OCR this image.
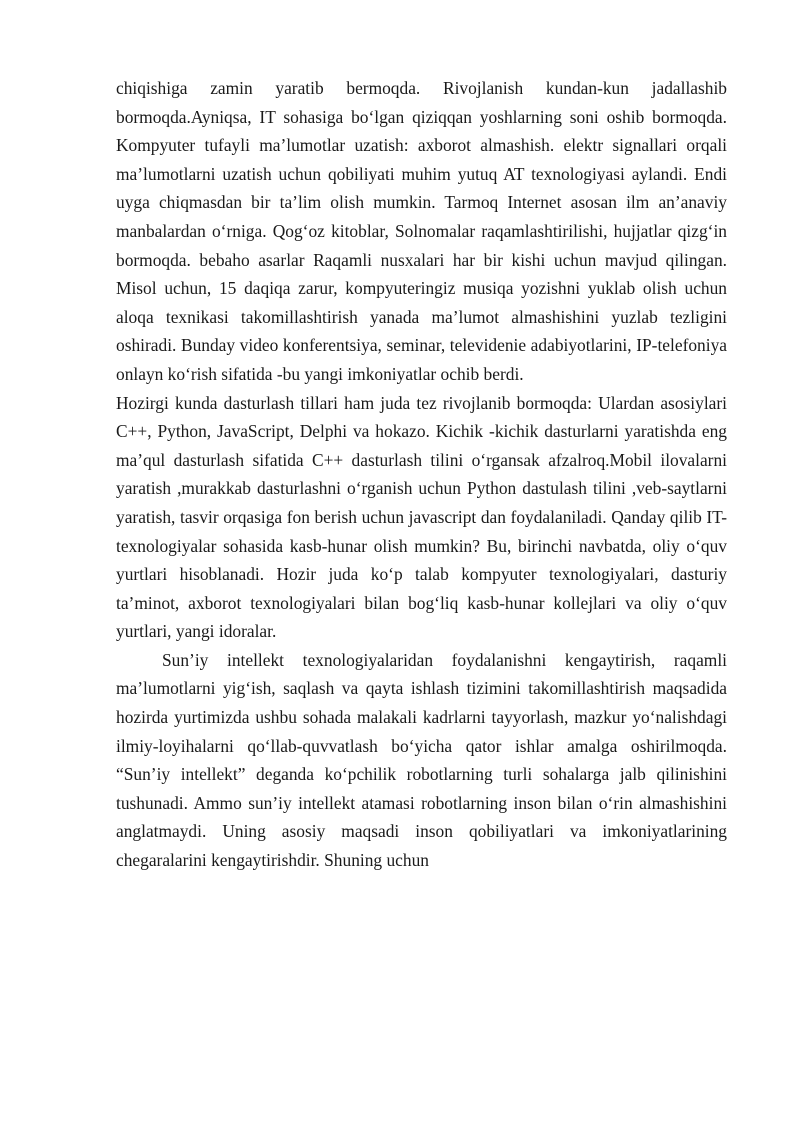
chiqishiga zamin yaratib bermoqda. Rivojlanish kundan-kun jadallashib bormoqda.Ayniqsa, IT sohasiga bo‘lgan qiziqqan yoshlarning soni oshib bormoqda. Kompyuter tufayli ma’lumotlar uzatish: axborot almashish. elektr signallari orqali ma’lumotlarni uzatish uchun qobiliyati muhim yutuq AT texnologiyasi aylandi. Endi uyga chiqmasdan bir ta’lim olish mumkin. Tarmoq Internet asosan ilm an’anaviy manbalardan o‘rniga. Qog‘oz kitoblar, Solnomalar raqamlashtirilishi, hujjatlar qizg‘in bormoqda. bebaho asarlar Raqamli nusxalari har bir kishi uchun mavjud qilingan. Misol uchun, 15 daqiqa zarur, kompyuteringiz musiqa yozishni yuklab olish uchun aloqa texnikasi takomillashtirish yanada ma’lumot almashishini yuzlab tezligini oshiradi. Bunday video konferentsiya, seminar, televidenie adabiyotlarini, IP-telefoniya onlayn ko‘rish sifatida -bu yangi imkoniyatlar ochib berdi.

Hozirgi kunda dasturlash tillari ham juda tez rivojlanib bormoqda: Ulardan asosiylari C++, Python, JavaScript, Delphi va hokazo. Kichik -kichik dasturlarni yaratishda eng ma’qul dasturlash sifatida C++ dasturlash tilini o‘rgansak afzalroq.Mobil ilovalarni yaratish ,murakkab dasturlashni o‘rganish uchun Python dastulash tilini ,veb-saytlarni yaratish, tasvir orqasiga fon berish uchun javascript dan foydalaniladi. Qanday qilib IT-texnologiyalar sohasida kasb-hunar olish mumkin? Bu, birinchi navbatda, oliy o‘quv yurtlari hisoblanadi. Hozir juda ko‘p talab kompyuter texnologiyalari, dasturiy ta’minot, axborot texnologiyalari bilan bog‘liq kasb-hunar kollejlari va oliy o‘quv yurtlari, yangi idoralar.

Sun’iy intellekt texnologiyalaridan foydalanishni kengaytirish, raqamli ma’lumotlarni yig‘ish, saqlash va qayta ishlash tizimini takomillashtirish maqsadida hozirda yurtimizda ushbu sohada malakali kadrlarni tayyorlash, mazkur yo‘nalishdagi ilmiy-loyihalarni qo‘llab-quvvatlash bo‘yicha qator ishlar amalga oshirilmoqda. “Sun’iy intellekt” deganda ko‘pchilik robotlarning turli sohalarga jalb qilinishini tushunadi. Ammo sun’iy intellekt atamasi robotlarning inson bilan o‘rin almashishini anglatmaydi. Uning asosiy maqsadi inson qobiliyatlari va imkoniyatlarining chegaralarini kengaytirishdir. Shuning uchun
